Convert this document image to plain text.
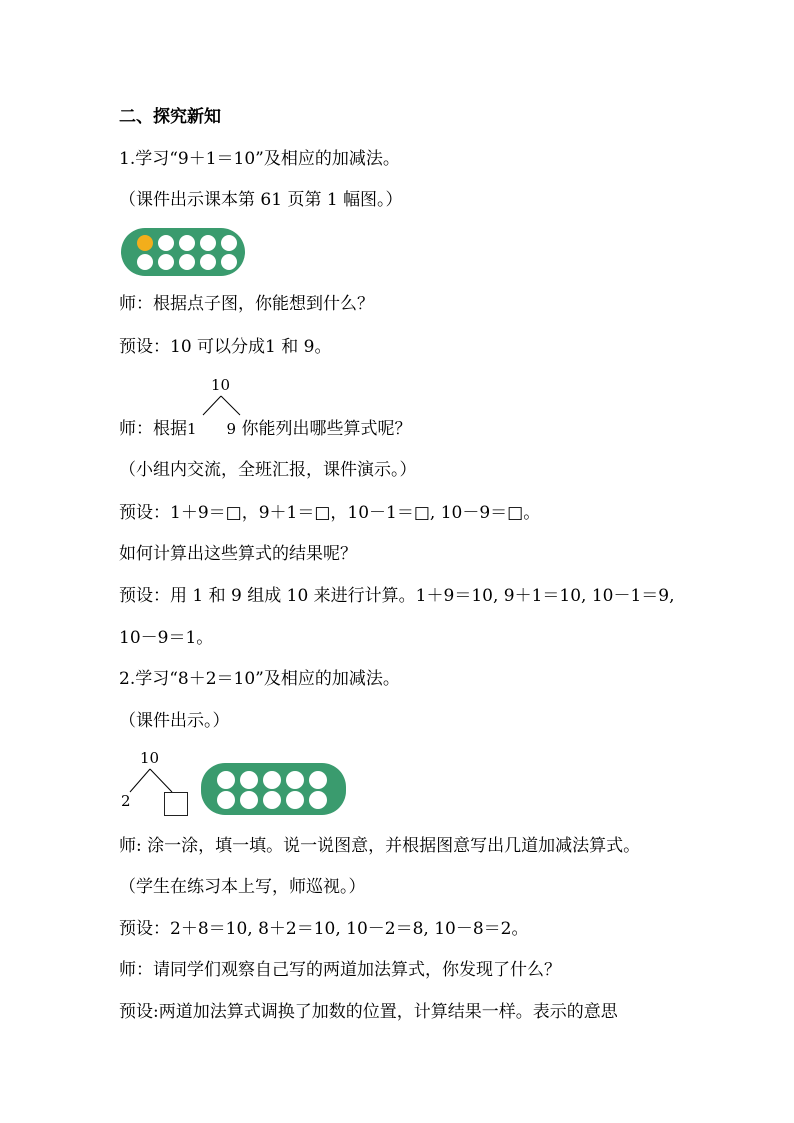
二、探究新知
1.学习“9＋1＝10”及相应的加减法。
（课件出示课本第 61 页第 1 幅图。）
师：根据点子图，你能想到什么？
预设：10 可以分成1 和 9。
10
师：根据1 9 你能列出哪些算式呢？
（小组内交流，全班汇报，课件演示。）
预设：1＋9＝□，9＋1＝□，10－1＝□, 10－9＝□。
如何计算出这些算式的结果呢？
预设：用 1 和 9 组成 10 来进行计算。1＋9＝10, 9＋1＝10, 10－1＝9,
10－9＝1。
2.学习“8＋2＝10”及相应的加减法。
（课件出示。）
10
2
师: 涂一涂，填一填。说一说图意，并根据图意写出几道加减法算式。
（学生在练习本上写，师巡视。）
预设：2＋8＝10, 8＋2＝10, 10－2＝8, 10－8＝2。
师：请同学们观察自己写的两道加法算式，你发现了什么？
预设:两道加法算式调换了加数的位置，计算结果一样。表示的意思
